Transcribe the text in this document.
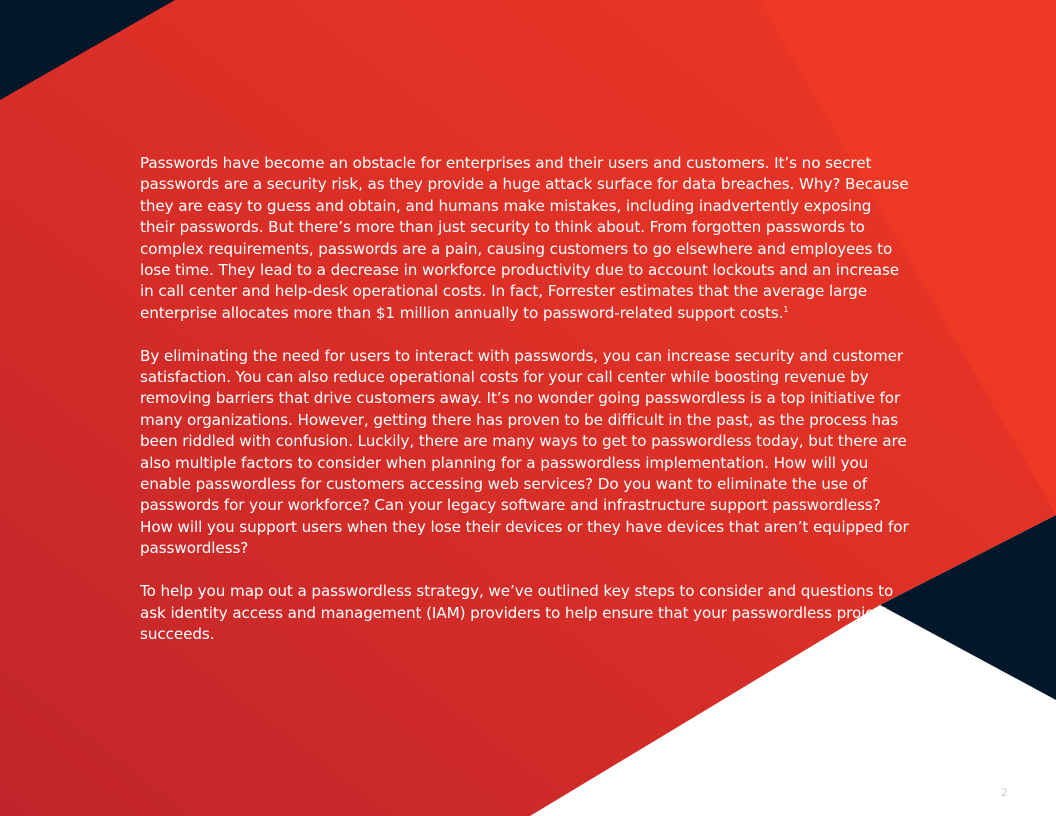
Passwords have become an obstacle for enterprises and their users and customers. It’s no secret passwords are a security risk, as they provide a huge attack surface for data breaches. Why? Because they are easy to guess and obtain, and humans make mistakes, including inadvertently exposing their passwords. But there’s more than just security to think about. From forgotten passwords to complex requirements, passwords are a pain, causing customers to go elsewhere and employees to lose time. They lead to a decrease in workforce productivity due to account lockouts and an increase in call center and help-desk operational costs. In fact, Forrester estimates that the average large enterprise allocates more than $1 million annually to password-related support costs.$^1$

By eliminating the need for users to interact with passwords, you can increase security and customer satisfaction. You can also reduce operational costs for your call center while boosting revenue by removing barriers that drive customers away. It’s no wonder going passwordless is a top initiative for many organizations. However, getting there has proven to be difficult in the past, as the process has been riddled with confusion. Luckily, there are many ways to get to passwordless today, but there are also multiple factors to consider when planning for a passwordless implementation. How will you enable passwordless for customers accessing web services? Do you want to eliminate the use of passwords for your workforce? Can your legacy software and infrastructure support passwordless? How will you support users when they lose their devices or they have devices that aren’t equipped for passwordless?

To help you map out a passwordless strategy, we’ve outlined key steps to consider and questions to ask identity access and management (IAM) providers to help ensure that your passwordless project succeeds.

2
